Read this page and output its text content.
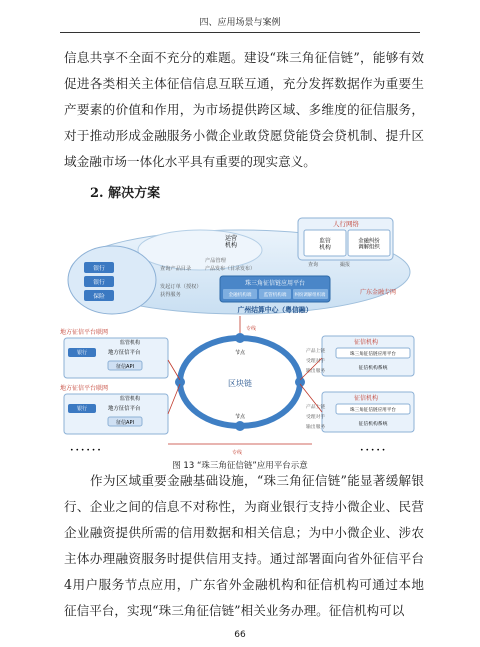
四、应用场景与案例

信息共享不全面不充分的难题。建设“珠三角征信链”，能够有效促进各类相关主体征信信息互联互通，充分发挥数据作为重要生产要素的价值和作用，为市场提供跨区域、多维度的征信服务，对于推动形成金融服务小微企业敢贷愿贷能贷会贷机制、提升区域金融市场一体化水平具有重要的现实意义。

2. 解决方案
人行网络
监管机构
金融纠纷调解组织
运营机构
产品管理
产品发布（目录发布）
查询	撮报
银行
银行
保险
查询产品目录
发起订单（授权）
获得服务
珠三角征信链应用平台
金融机构端	监管机构端 纠纷调解组织端
广州结算中心（粤信融）
广东金融专网
专线
区块链
节点
节点
地方征信平台联网
银行	地方征信平台
监管机构
征信API
地方征信平台联网
银行	地方征信平台
监管机构
征信API
• • • • • •
征信机构
珠三角征信链应用平台
征信机构系统
产品上链
受理对手
输出服务
征信机构
珠三角征信链应用平台
征信机构系统
产品上链
受理对手
输出服务
• • • • •
专线
图 13 “珠三角征信链”应用平台示意

作为区域重要金融基础设施，“珠三角征信链”能显著缓解银行、企业之间的信息不对称性，为商业银行支持小微企业、民营企业融资提供所需的信用数据和相关信息；为中小微企业、涉农主体办理融资服务时提供信用支持。通过部署面向省外征信平台4用户服务节点应用，广东省外金融机构和征信机构可通过本地征信平台，实现“珠三角征信链”相关业务办理。征信机构可以

66
